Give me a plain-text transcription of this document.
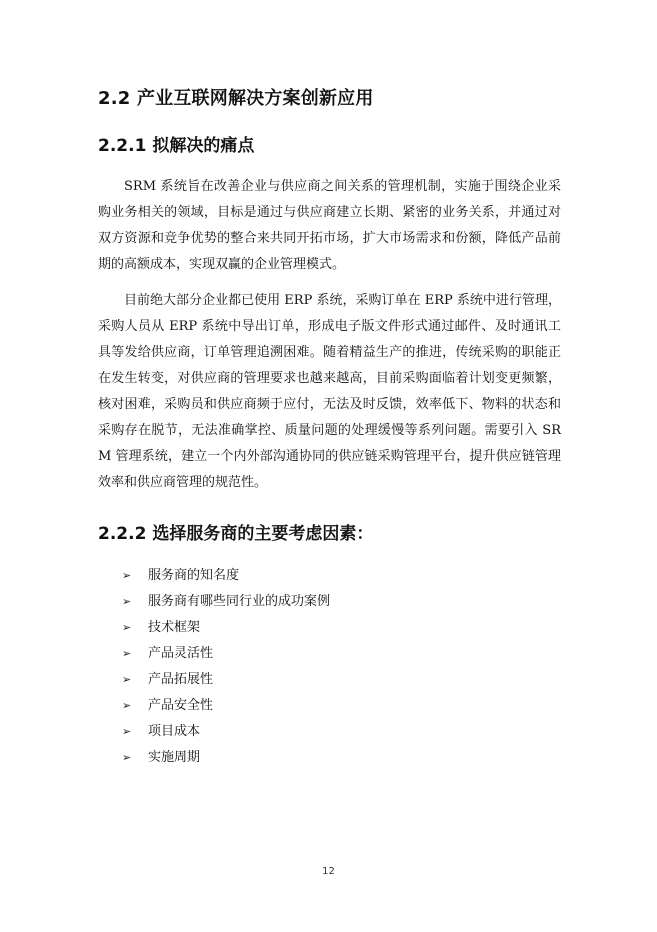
2.2 产业互联网解决方案创新应用
2.2.1 拟解决的痛点

SRM 系统旨在改善企业与供应商之间关系的管理机制，实施于围绕企业采购业务相关的领域，目标是通过与供应商建立长期、紧密的业务关系，并通过对双方资源和竞争优势的整合来共同开拓市场，扩大市场需求和份额，降低产品前期的高额成本，实现双赢的企业管理模式。

目前绝大部分企业都已使用 ERP 系统，采购订单在 ERP 系统中进行管理，采购人员从 ERP 系统中导出订单，形成电子版文件形式通过邮件、及时通讯工具等发给供应商，订单管理追溯困难。随着精益生产的推进，传统采购的职能正在发生转变，对供应商的管理要求也越来越高，目前采购面临着计划变更频繁，核对困难，采购员和供应商频于应付，无法及时反馈，效率低下、物料的状态和采购存在脱节，无法准确掌控、质量问题的处理缓慢等系列问题。需要引入 SRM 管理系统，建立一个内外部沟通协同的供应链采购管理平台，提升供应链管理效率和供应商管理的规范性。

2.2.2 选择服务商的主要考虑因素：
➢	服务商的知名度
➢	服务商有哪些同行业的成功案例
➢	技术框架
➢	产品灵活性
➢	产品拓展性
➢	产品安全性
➢	项目成本
➢	实施周期
12
